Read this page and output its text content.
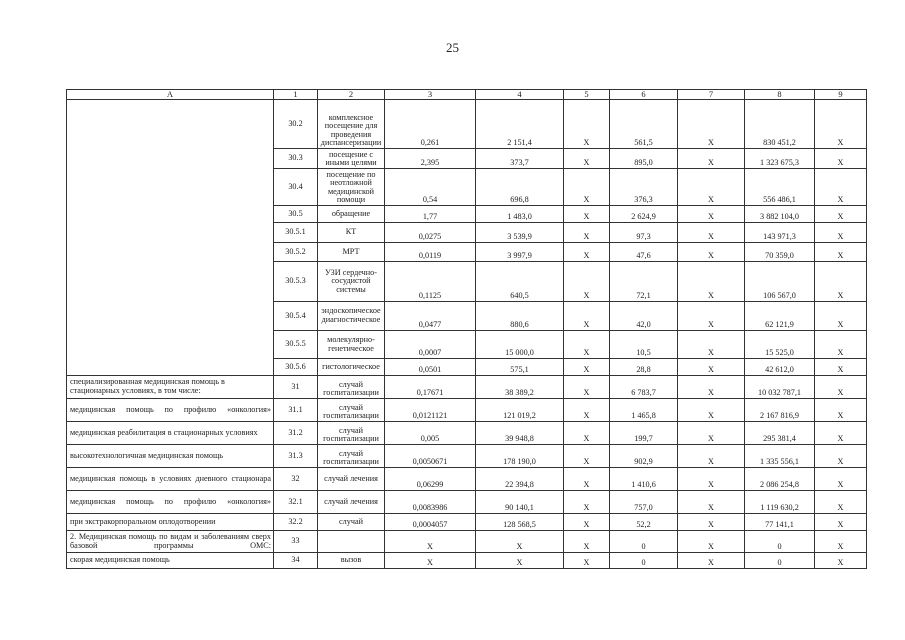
25
A	1	2	3	4	5	6	7	8	9
	30.2	комплексное посещение для проведения диспансеризации	0,261	2 151,4	X	561,5	X	830 451,2	X
	30.3	посещение с иными целями	2,395	373,7	X	895,0	X	1 323 675,3	X
	30.4	посещение по неотложной медицинской помощи	0,54	696,8	X	376,3	X	556 486,1	X
	30.5	обращение	1,77	1 483,0	X	2 624,9	X	3 882 104,0	X
	30.5.1	КТ	0,0275	3 539,9	X	97,3	X	143 971,3	X
	30.5.2	МРТ	0,0119	3 997,9	X	47,6	X	70 359,0	X
	30.5.3	УЗИ сердечно-сосудистой системы	0,1125	640,5	X	72,1	X	106 567,0	X
	30.5.4	эндоскопическое диагностическое	0,0477	880,6	X	42,0	X	62 121,9	X
	30.5.5	молекулярно-генетическое	0,0007	15 000,0	X	10,5	X	15 525,0	X
	30.5.6	гистологическое	0,0501	575,1	X	28,8	X	42 612,0	X
специализированная медицинская помощь в стационарных условиях, в том числе:	31	случай госпитализации	0,17671	38 389,2	X	6 783,7	X	10 032 787,1	X
медицинская помощь по профилю «онкология»	31.1	случай госпитализации	0,0121121	121 019,2	X	1 465,8	X	2 167 816,9	X
медицинская реабилитация в стационарных условиях	31.2	случай госпитализации	0,005	39 948,8	X	199,7	X	295 381,4	X
высокотехнологичная медицинская помощь	31.3	случай госпитализации	0,0050671	178 190,0	X	902,9	X	1 335 556,1	X
медицинская помощь в условиях дневного стационара	32	случай лечения	0,06299	22 394,8	X	1 410,6	X	2 086 254,8	X
медицинская помощь по профилю «онкология»	32.1	случай лечения	0,0083986	90 140,1	X	757,0	X	1 119 630,2	X
при экстракорпоральном оплодотворении	32.2	случай	0,0004057	128 568,5	X	52,2	X	77 141,1	X
2. Медицинская помощь по видам и заболеваниям сверх базовой программы ОМС:	33		X	X	X	0	X	0	X
скорая медицинская помощь	34	вызов	X	X	X	0	X	0	X
